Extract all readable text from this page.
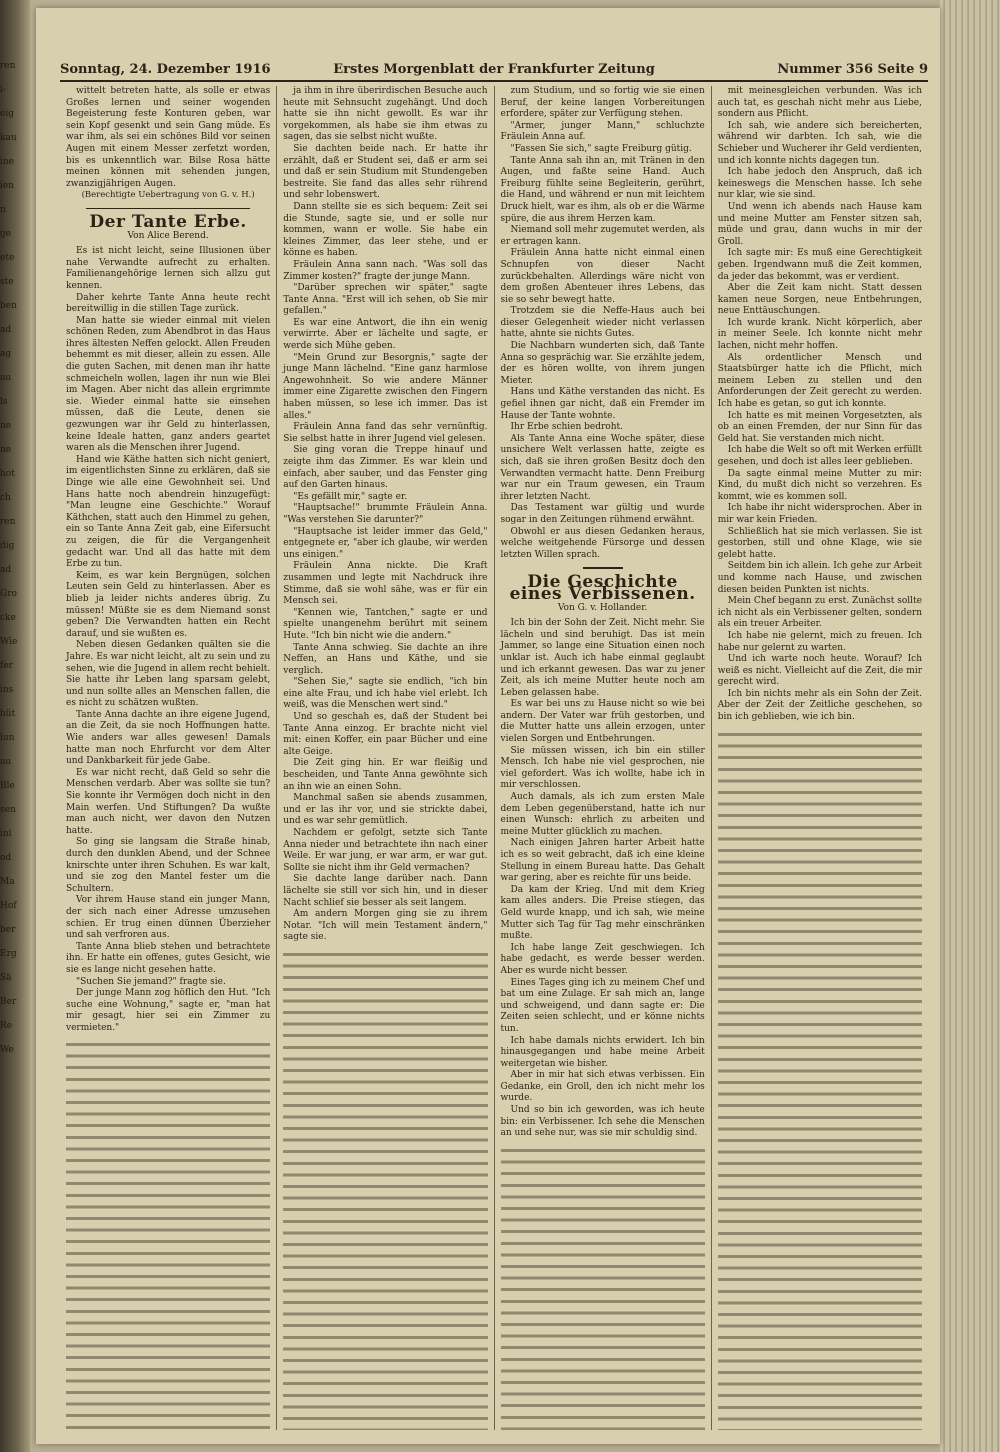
ren
i-
eig
kau
ine
ien
n
ge
ete
ste
ben
ad
ag
au
ls
ne
ne
hot
ch
ren
dig
ad
Gro
cke
Wie
fer
ins
hüt
lun
au
Ble
sen
ini
od
Ma
Hof
ber
Erg
Sä
Ber
Re
We
Sonntag, 24. Dezember 1916	Erstes Morgenblatt der Frankfurter Zeitung	Nummer 356 Seite 9

wittelt betreten hatte, als solle er etwas Großes lernen und seiner wogenden Begeisterung feste Konturen geben, war sein Kopf gesenkt und sein Gang müde. Es war ihm, als sei ein schönes Bild vor seinen Augen mit einem Messer zerfetzt worden, bis es unkenntlich war. Bilse Rosa hätte meinen können mit sehenden jungen, zwanzigjährigen Augen.

(Berechtigte Uebertragung von G. v. H.)

Der Tante Erbe.
Von Alice Berend.

Es ist nicht leicht, seine Illusionen über nahe Verwandte aufrecht zu erhalten. Familienangehörige lernen sich allzu gut kennen.

Daher kehrte Tante Anna heute recht bereitwillig in die stillen Tage zurück.

Man hatte sie wieder einmal mit vielen schönen Reden, zum Abendbrot in das Haus ihres ältesten Neffen gelockt. Allen Freuden behemmt es mit dieser, allein zu essen. Alle die guten Sachen, mit denen man ihr hatte schmeicheln wollen, lagen ihr nun wie Blei im Magen. Aber nicht das allein ergrimmte sie. Wieder einmal hatte sie einsehen müssen, daß die Leute, denen sie gezwungen war ihr Geld zu hinterlassen, keine Ideale hatten, ganz anders geartet waren als die Menschen ihrer Jugend.

Hand wie Käthe hatten sich nicht geniert, im eigentlichsten Sinne zu erklären, daß sie Dinge wie alle eine Gewohnheit sei. Und Hans hatte noch abendrein hinzugefügt: "Man leugne eine Geschichte." Worauf Käthchen, statt auch den Himmel zu gehen, ein so Tante Anna Zeit gab, eine Eifersucht zu zeigen, die für die Vergangenheit gedacht war. Und all das hatte mit dem Erbe zu tun.

Keim, es war kein Bergnügen, solchen Leuten sein Geld zu hinterlassen. Aber es blieb ja leider nichts anderes übrig. Zu müssen! Müßte sie es dem Niemand sonst geben? Die Verwandten hatten ein Recht darauf, und sie wußten es.

Neben diesen Gedanken quälten sie die Jahre. Es war nicht leicht, alt zu sein und zu sehen, wie die Jugend in allem recht behielt. Sie hatte ihr Leben lang sparsam gelebt, und nun sollte alles an Menschen fallen, die es nicht zu schätzen wußten.

Tante Anna dachte an ihre eigene Jugend, an die Zeit, da sie noch Hoffnungen hatte. Wie anders war alles gewesen! Damals hatte man noch Ehrfurcht vor dem Alter und Dankbarkeit für jede Gabe.

Es war nicht recht, daß Geld so sehr die Menschen verdarb. Aber was sollte sie tun? Sie konnte ihr Vermögen doch nicht in den Main werfen. Und Stiftungen? Da wußte man auch nicht, wer davon den Nutzen hatte.

So ging sie langsam die Straße hinab, durch den dunklen Abend, und der Schnee knirschte unter ihren Schuhen. Es war kalt, und sie zog den Mantel fester um die Schultern.

Vor ihrem Hause stand ein junger Mann, der sich nach einer Adresse umzusehen schien. Er trug einen dünnen Überzieher und sah verfroren aus.

Tante Anna blieb stehen und betrachtete ihn. Er hatte ein offenes, gutes Gesicht, wie sie es lange nicht gesehen hatte.

"Suchen Sie jemand?" fragte sie.

Der junge Mann zog höflich den Hut. "Ich suche eine Wohnung," sagte er, "man hat mir gesagt, hier sei ein Zimmer zu vermieten."

ja ihm in ihre überirdischen Besuche auch heute mit Sehnsucht zugehängt. Und doch hatte sie ihn nicht gewollt. Es war ihr vorgekommen, als habe sie ihm etwas zu sagen, das sie selbst nicht wußte.

Sie dachten beide nach. Er hatte ihr erzählt, daß er Student sei, daß er arm sei und daß er sein Studium mit Stundengeben bestreite. Sie fand das alles sehr rührend und sehr lobenswert.

Dann stellte sie es sich bequem: Zeit sei die Stunde, sagte sie, und er solle nur kommen, wann er wolle. Sie habe ein kleines Zimmer, das leer stehe, und er könne es haben.

Fräulein Anna sann nach. "Was soll das Zimmer kosten?" fragte der junge Mann.

"Darüber sprechen wir später," sagte Tante Anna. "Erst will ich sehen, ob Sie mir gefallen."

Es war eine Antwort, die ihn ein wenig verwirrte. Aber er lächelte und sagte, er werde sich Mühe geben.

"Mein Grund zur Besorgnis," sagte der junge Mann lächelnd. "Eine ganz harmlose Angewohnheit. So wie andere Männer immer eine Zigarette zwischen den Fingern haben müssen, so lese ich immer. Das ist alles."

Fräulein Anna fand das sehr vernünftig. Sie selbst hatte in ihrer Jugend viel gelesen.

Sie ging voran die Treppe hinauf und zeigte ihm das Zimmer. Es war klein und einfach, aber sauber, und das Fenster ging auf den Garten hinaus.

"Es gefällt mir," sagte er.

"Hauptsache!" brummte Fräulein Anna. "Was verstehen Sie darunter?"

"Hauptsache ist leider immer das Geld," entgegnete er, "aber ich glaube, wir werden uns einigen."

Fräulein Anna nickte. Die Kraft zusammen und legte mit Nachdruck ihre Stimme, daß sie wohl sähe, was er für ein Mensch sei.

"Kennen wie, Tantchen," sagte er und spielte unangenehm berührt mit seinem Hute. "Ich bin nicht wie die andern."

Tante Anna schwieg. Sie dachte an ihre Neffen, an Hans und Käthe, und sie verglich.

"Sehen Sie," sagte sie endlich, "ich bin eine alte Frau, und ich habe viel erlebt. Ich weiß, was die Menschen wert sind."

Und so geschah es, daß der Student bei Tante Anna einzog. Er brachte nicht viel mit: einen Koffer, ein paar Bücher und eine alte Geige.

Die Zeit ging hin. Er war fleißig und bescheiden, und Tante Anna gewöhnte sich an ihn wie an einen Sohn.

Manchmal saßen sie abends zusammen, und er las ihr vor, und sie strickte dabei, und es war sehr gemütlich.

Nachdem er gefolgt, setzte sich Tante Anna nieder und betrachtete ihn nach einer Weile. Er war jung, er war arm, er war gut. Sollte sie nicht ihm ihr Geld vermachen?

Sie dachte lange darüber nach. Dann lächelte sie still vor sich hin, und in dieser Nacht schlief sie besser als seit langem.

Am andern Morgen ging sie zu ihrem Notar. "Ich will mein Testament ändern," sagte sie.

zum Studium, und so fortig wie sie einen Beruf, der keine langen Vorbereitungen erfordere, später zur Verfügung stehen.

"Armer, junger Mann," schluchzte Fräulein Anna auf.

"Fassen Sie sich," sagte Freiburg gütig.

Tante Anna sah ihn an, mit Tränen in den Augen, und faßte seine Hand. Auch Freiburg fühlte seine Begleiterin, gerührt, die Hand, und während er nun mit leichtem Druck hielt, war es ihm, als ob er die Wärme spüre, die aus ihrem Herzen kam.

Niemand soll mehr zugemutet werden, als er ertragen kann.

Fräulein Anna hatte nicht einmal einen Schnupfen von dieser Nacht zurückbehalten. Allerdings wäre nicht von dem großen Abenteuer ihres Lebens, das sie so sehr bewegt hatte.

Trotzdem sie die Neffe-Haus auch bei dieser Gelegenheit wieder nicht verlassen hatte, ahnte sie nichts Gutes.

Die Nachbarn wunderten sich, daß Tante Anna so gesprächig war. Sie erzählte jedem, der es hören wollte, von ihrem jungen Mieter.

Hans und Käthe verstanden das nicht. Es gefiel ihnen gar nicht, daß ein Fremder im Hause der Tante wohnte.

Ihr Erbe schien bedroht.

Als Tante Anna eine Woche später, diese unsichere Welt verlassen hatte, zeigte es sich, daß sie ihren großen Besitz doch den Verwandten vermacht hatte. Denn Freiburg war nur ein Traum gewesen, ein Traum ihrer letzten Nacht.

Das Testament war gültig und wurde sogar in den Zeitungen rühmend erwähnt.

Obwohl er aus diesen Gedanken heraus, welche weitgehende Fürsorge und dessen letzten Willen sprach.

Die Geschichte eines Verbissenen.
Von G. v. Hollander.

Ich bin der Sohn der Zeit. Nicht mehr. Sie lächeln und sind beruhigt. Das ist mein Jammer, so lange eine Situation einen noch unklar ist. Auch ich habe einmal geglaubt und ich erkannt gewesen. Das war zu jener Zeit, als ich meine Mutter heute noch am Leben gelassen habe.

Es war bei uns zu Hause nicht so wie bei andern. Der Vater war früh gestorben, und die Mutter hatte uns allein erzogen, unter vielen Sorgen und Entbehrungen.

Sie müssen wissen, ich bin ein stiller Mensch. Ich habe nie viel gesprochen, nie viel gefordert. Was ich wollte, habe ich in mir verschlossen.

Auch damals, als ich zum ersten Male dem Leben gegenüberstand, hatte ich nur einen Wunsch: ehrlich zu arbeiten und meine Mutter glücklich zu machen.

Nach einigen Jahren harter Arbeit hatte ich es so weit gebracht, daß ich eine kleine Stellung in einem Bureau hatte. Das Gehalt war gering, aber es reichte für uns beide.

Da kam der Krieg. Und mit dem Krieg kam alles anders. Die Preise stiegen, das Geld wurde knapp, und ich sah, wie meine Mutter sich Tag für Tag mehr einschränken mußte.

Ich habe lange Zeit geschwiegen. Ich habe gedacht, es werde besser werden. Aber es wurde nicht besser.

Eines Tages ging ich zu meinem Chef und bat um eine Zulage. Er sah mich an, lange und schweigend, und dann sagte er: Die Zeiten seien schlecht, und er könne nichts tun.

Ich habe damals nichts erwidert. Ich bin hinausgegangen und habe meine Arbeit weitergetan wie bisher.

Aber in mir hat sich etwas verbissen. Ein Gedanke, ein Groll, den ich nicht mehr los wurde.

Und so bin ich geworden, was ich heute bin: ein Verbissener. Ich sehe die Menschen an und sehe nur, was sie mir schuldig sind.

mit meinesgleichen verbunden. Was ich auch tat, es geschah nicht mehr aus Liebe, sondern aus Pflicht.

Ich sah, wie andere sich bereicherten, während wir darbten. Ich sah, wie die Schieber und Wucherer ihr Geld verdienten, und ich konnte nichts dagegen tun.

Ich habe jedoch den Anspruch, daß ich keineswegs die Menschen hasse. Ich sehe nur klar, wie sie sind.

Und wenn ich abends nach Hause kam und meine Mutter am Fenster sitzen sah, müde und grau, dann wuchs in mir der Groll.

Ich sagte mir: Es muß eine Gerechtigkeit geben. Irgendwann muß die Zeit kommen, da jeder das bekommt, was er verdient.

Aber die Zeit kam nicht. Statt dessen kamen neue Sorgen, neue Entbehrungen, neue Enttäuschungen.

Ich wurde krank. Nicht körperlich, aber in meiner Seele. Ich konnte nicht mehr lachen, nicht mehr hoffen.

Als ordentlicher Mensch und Staatsbürger hatte ich die Pflicht, mich meinem Leben zu stellen und den Anforderungen der Zeit gerecht zu werden. Ich habe es getan, so gut ich konnte.

Ich hatte es mit meinen Vorgesetzten, als ob an einen Fremden, der nur Sinn für das Geld hat. Sie verstanden mich nicht.

Ich habe die Welt so oft mit Werken erfüllt gesehen, und doch ist alles leer geblieben.

Da sagte einmal meine Mutter zu mir: Kind, du mußt dich nicht so verzehren. Es kommt, wie es kommen soll.

Ich habe ihr nicht widersprochen. Aber in mir war kein Frieden.

Schließlich hat sie mich verlassen. Sie ist gestorben, still und ohne Klage, wie sie gelebt hatte.

Seitdem bin ich allein. Ich gehe zur Arbeit und komme nach Hause, und zwischen diesen beiden Punkten ist nichts.

Mein Chef begann zu erst. Zunächst sollte ich nicht als ein Verbissener gelten, sondern als ein treuer Arbeiter.

Ich habe nie gelernt, mich zu freuen. Ich habe nur gelernt zu warten.

Und ich warte noch heute. Worauf? Ich weiß es nicht. Vielleicht auf die Zeit, die mir gerecht wird.

Ich bin nichts mehr als ein Sohn der Zeit. Aber der Zeit der Zeitliche geschehen, so bin ich geblieben, wie ich bin.
